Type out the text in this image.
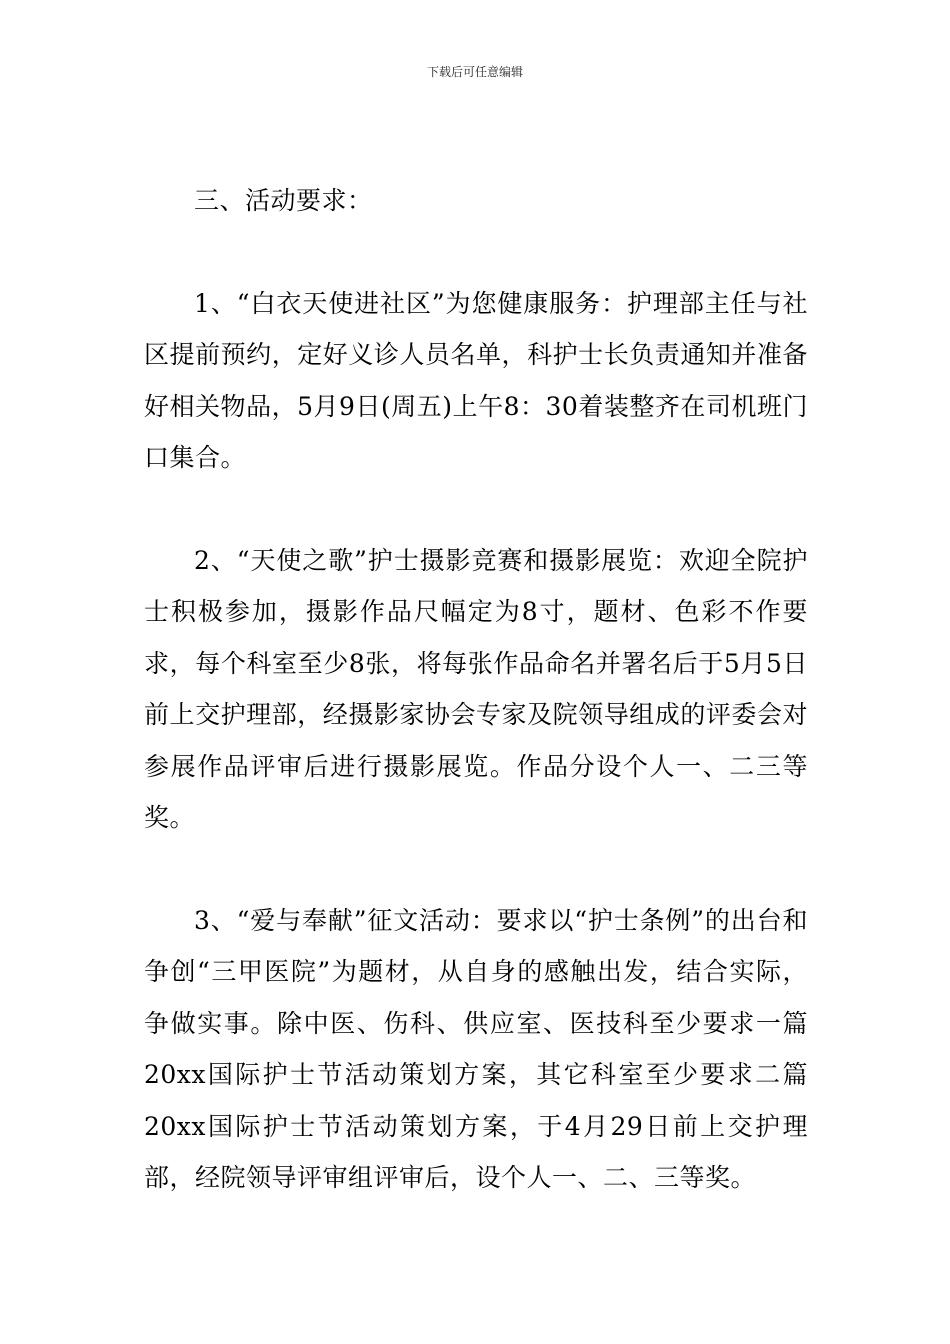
下载后可任意编辑

三、活动要求：

1、“白衣天使进社区”为您健康服务：护理部主任与社区提前预约，定好义诊人员名单，科护士长负责通知并准备好相关物品，5月9日(周五)上午8：30着装整齐在司机班门口集合。

2、“天使之歌”护士摄影竞赛和摄影展览：欢迎全院护士积极参加，摄影作品尺幅定为8寸，题材、色彩不作要求，每个科室至少8张，将每张作品命名并署名后于5月5日前上交护理部，经摄影家协会专家及院领导组成的评委会对参展作品评审后进行摄影展览。作品分设个人一、二三等奖。

3、“爱与奉献”征文活动：要求以“护士条例”的出台和争创“三甲医院”为题材，从自身的感触出发，结合实际，争做实事。除中医、伤科、供应室、医技科至少要求一篇20xx国际护士节活动策划方案，其它科室至少要求二篇20xx国际护士节活动策划方案，于4月29日前上交护理部，经院领导评审组评审后，设个人一、二、三等奖。
